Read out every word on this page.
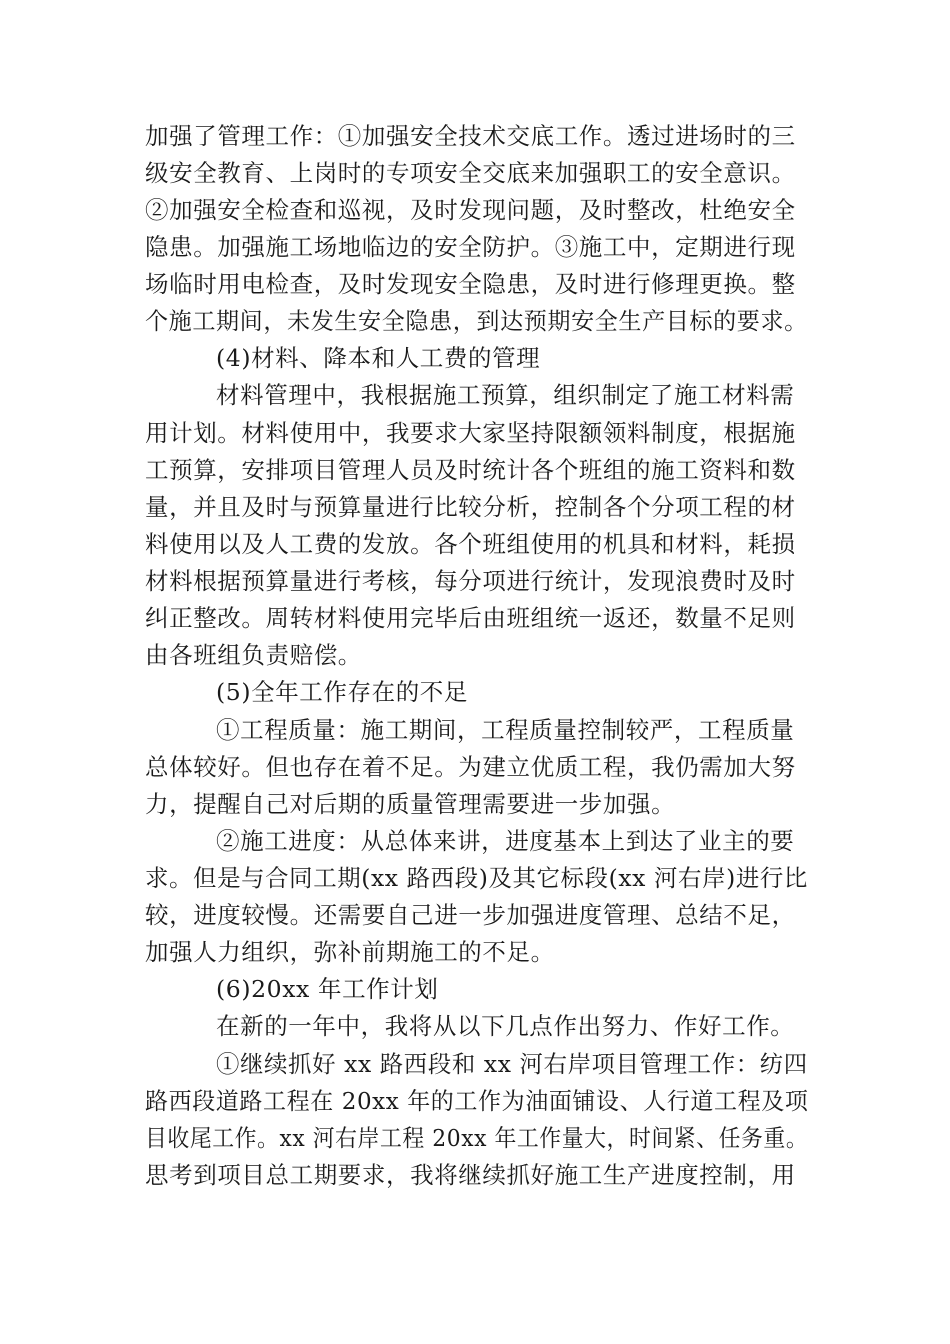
加强了管理工作：①加强安全技术交底工作。透过进场时的三
级安全教育、上岗时的专项安全交底来加强职工的安全意识。
②加强安全检查和巡视，及时发现问题，及时整改，杜绝安全
隐患。加强施工场地临边的安全防护。③施工中，定期进行现
场临时用电检查，及时发现安全隐患，及时进行修理更换。整
个施工期间，未发生安全隐患，到达预期安全生产目标的要求。
(4)材料、降本和人工费的管理
材料管理中，我根据施工预算，组织制定了施工材料需
用计划。材料使用中，我要求大家坚持限额领料制度，根据施
工预算，安排项目管理人员及时统计各个班组的施工资料和数
量，并且及时与预算量进行比较分析，控制各个分项工程的材
料使用以及人工费的发放。各个班组使用的机具和材料，耗损
材料根据预算量进行考核，每分项进行统计，发现浪费时及时
纠正整改。周转材料使用完毕后由班组统一返还，数量不足则
由各班组负责赔偿。
(5)全年工作存在的不足
①工程质量：施工期间，工程质量控制较严，工程质量
总体较好。但也存在着不足。为建立优质工程，我仍需加大努
力，提醒自己对后期的质量管理需要进一步加强。
②施工进度：从总体来讲，进度基本上到达了业主的要
求。但是与合同工期(xx 路西段)及其它标段(xx 河右岸)进行比
较，进度较慢。还需要自己进一步加强进度管理、总结不足，
加强人力组织，弥补前期施工的不足。
(6)20xx 年工作计划
在新的一年中，我将从以下几点作出努力、作好工作。
①继续抓好 xx 路西段和 xx 河右岸项目管理工作：纺四
路西段道路工程在 20xx 年的工作为油面铺设、人行道工程及项
目收尾工作。xx 河右岸工程 20xx 年工作量大，时间紧、任务重。
思考到项目总工期要求，我将继续抓好施工生产进度控制，用
